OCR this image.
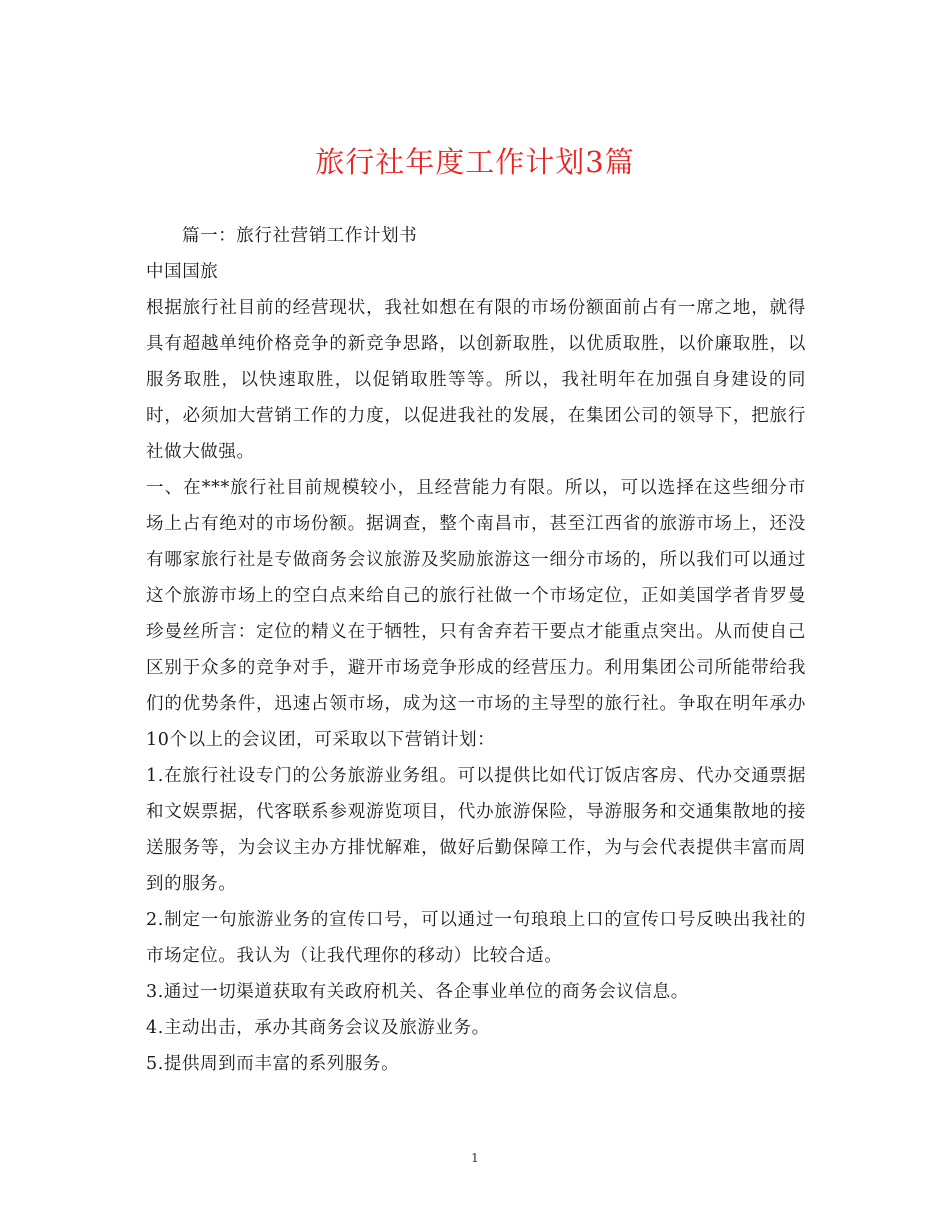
旅行社年度工作计划3篇

篇一：旅行社营销工作计划书

中国国旅

根据旅行社目前的经营现状，我社如想在有限的市场份额面前占有一席之地，就得具有超越单纯价格竞争的新竞争思路，以创新取胜，以优质取胜，以价廉取胜，以服务取胜，以快速取胜，以促销取胜等等。所以，我社明年在加强自身建设的同时，必须加大营销工作的力度，以促进我社的发展，在集团公司的领导下，把旅行社做大做强。

一、在***旅行社目前规模较小，且经营能力有限。所以，可以选择在这些细分市场上占有绝对的市场份额。据调查，整个南昌市，甚至江西省的旅游市场上，还没有哪家旅行社是专做商务会议旅游及奖励旅游这一细分市场的，所以我们可以通过这个旅游市场上的空白点来给自己的旅行社做一个市场定位，正如美国学者肯罗曼 珍曼丝所言：定位的精义在于牺牲，只有舍弃若干要点才能重点突出。从而使自己区别于众多的竞争对手，避开市场竞争形成的经营压力。利用集团公司所能带给我们的优势条件，迅速占领市场，成为这一市场的主导型的旅行社。争取在明年承办10个以上的会议团，可采取以下营销计划：

1.在旅行社设专门的公务旅游业务组。可以提供比如代订饭店客房、代办交通票据和文娱票据，代客联系参观游览项目，代办旅游保险，导游服务和交通集散地的接送服务等，为会议主办方排忧解难，做好后勤保障工作，为与会代表提供丰富而周到的服务。

2.制定一句旅游业务的宣传口号，可以通过一句琅琅上口的宣传口号反映出我社的市场定位。我认为（让我代理你的移动）比较合适。

3.通过一切渠道获取有关政府机关、各企事业单位的商务会议信息。

4.主动出击，承办其商务会议及旅游业务。

5.提供周到而丰富的系列服务。

1
